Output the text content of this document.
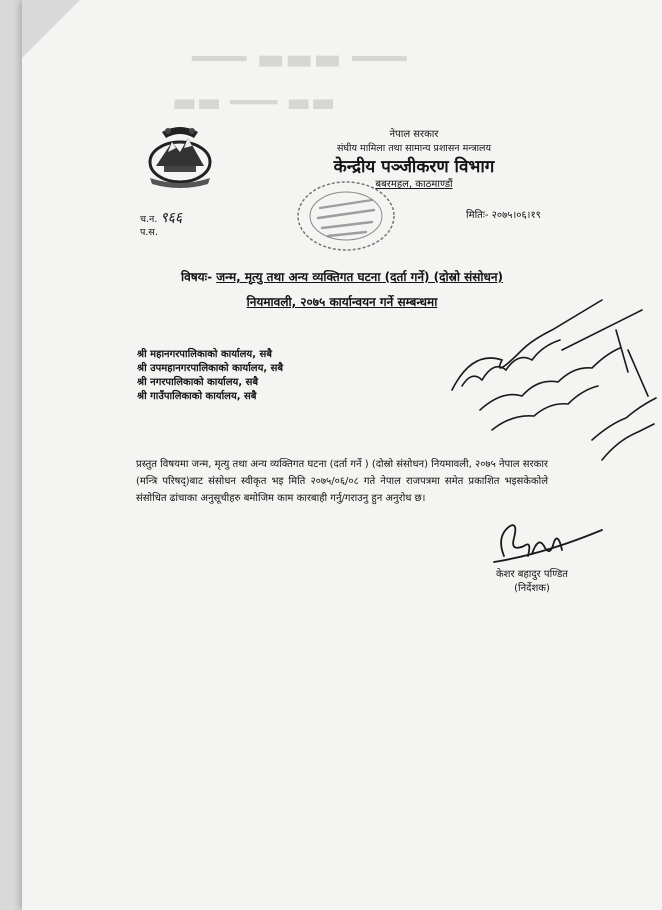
━━━ ▬▬▬ ━━━
▬▬ ━━━ ▬▬
नेपाल सरकार
संघीय मामिला तथा सामान्य प्रशासन मन्त्रालय
केन्द्रीय पञ्जीकरण विभाग
बबरमहल, काठमाण्डौं
च.न. ९६६
प.स.
मितिः- २०७५।०६।१९
विषयः- जन्म, मृत्यु तथा अन्य व्यक्तिगत घटना (दर्ता गर्ने) (दोस्रो संसोधन)
नियमावली, २०७५ कार्यान्वयन गर्ने सम्बन्धमा
श्री महानगरपालिकाको कार्यालय, सबै
श्री उपमहानगरपालिकाको कार्यालय, सबै
श्री नगरपालिकाको कार्यालय, सबै
श्री गाउँपालिकाको कार्यालय, सबै
प्रस्तुत विषयमा जन्म, मृत्यु तथा अन्य व्यक्तिगत घटना (दर्ता गर्ने ) (दोस्रो संसोधन) नियमावली, २०७५ नेपाल सरकार (मन्त्रि परिषद्)बाट संसोधन स्वीकृत भइ मिति २०७५/०६/०८ गते नेपाल राजपत्रमा समेत प्रकाशित भइसकेकोले संसोधित ढांचाका अनुसूचीहरु बमोजिम काम कारबाही गर्नु/गराउनु हुन अनुरोध छ।
केशर बहादुर पण्डित
(निर्देशक)
